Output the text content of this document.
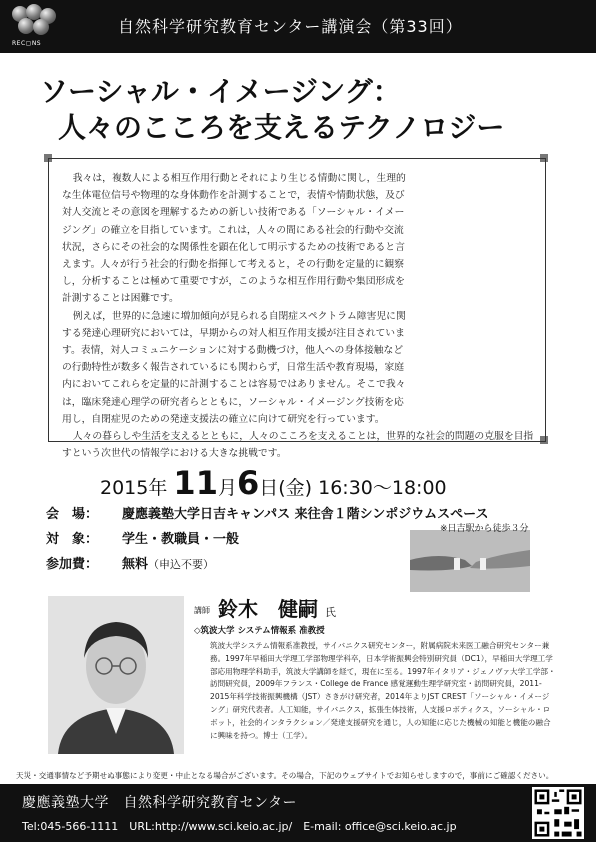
REC▢NS
自然科学研究教育センター講演会（第33回）
ソーシャル・イメージング：
人々のこころを支えるテクノロジー

我々は，複数人による相互作用行動とそれにより生じる情動に関し，生理的な生体電位信号や物理的な身体動作を計測することで，表情や情動状態，及び対人交流とその意図を理解するための新しい技術である「ソーシャル・イメージング」の確立を目指しています。これは，人々の間にある社会的行動や交流状況，さらにその社会的な関係性を顕在化して明示するための技術であると言えます。人々が行う社会的行動を指揮して考えると，その行動を定量的に観察し，分析することは極めて重要ですが，このような相互作用行動や集団形成を計測することは困難です。

例えば，世界的に急速に増加傾向が見られる自閉症スペクトラム障害児に関する発達心理研究においては，早期からの対人相互作用支援が注目されています。表情，対人コミュニケーションに対する動機づけ，他人への身体接触などの行動特性が数多く報告されているにも関わらず，日常生活や教育現場，家庭内においてこれらを定量的に計測することは容易ではありません。そこで我々は，臨床発達心理学の研究者らとともに，ソーシャル・イメージング技術を応用し，自閉症児のための発達支援法の確立に向けて研究を行っています。

人々の暮らしや生活を支えるとともに，人々のこころを支えることは，世界的な社会的問題の克服を目指すという次世代の情報学における大きな挑戦です。

2015年 11月6日(金) 16:30～18:00
会　場： 慶應義塾大学日吉キャンパス 来往舎１階シンポジウムスペース
※日吉駅から徒歩３分
対　象： 学生・教職員・一般
参加費： 無料（申込不要）
講師 鈴木　健嗣 氏
◇筑波大学 システム情報系 准教授
筑波大学システム情報系准教授，サイバニクス研究センター，附属病院未来医工融合研究センター兼務。1997年早稲田大学理工学部物理学科卒，日本学術振興会特別研究員（DC1），早稲田大学理工学部応用物理学科助手，筑波大学講師を経て，現在に至る。1997年イタリア・ジェノヴァ大学工学部・訪問研究員，2009年フランス・College de France 感覚運動生理学研究室・訪問研究員，2011-2015年科学技術振興機構（JST）さきがけ研究者，2014年よりJST CREST「ソーシャル・イメージング」研究代表者。人工知能，サイバニクス，拡張生体技術，人支援ロボティクス，ソーシャル・ロボット，社会的インタラクション／発達支援研究を通じ，人の知能に応じた機械の知能と機能の融合に興味を持つ。博士（工学）。
天災・交通事情など予期せぬ事態により変更・中止となる場合がございます。その場合，下記のウェブサイトでお知らせしますので，事前にご確認ください。
慶應義塾大学　自然科学研究教育センター
Tel:045-566-1111　URL:http://www.sci.keio.ac.jp/　E-mail: office@sci.keio.ac.jp
